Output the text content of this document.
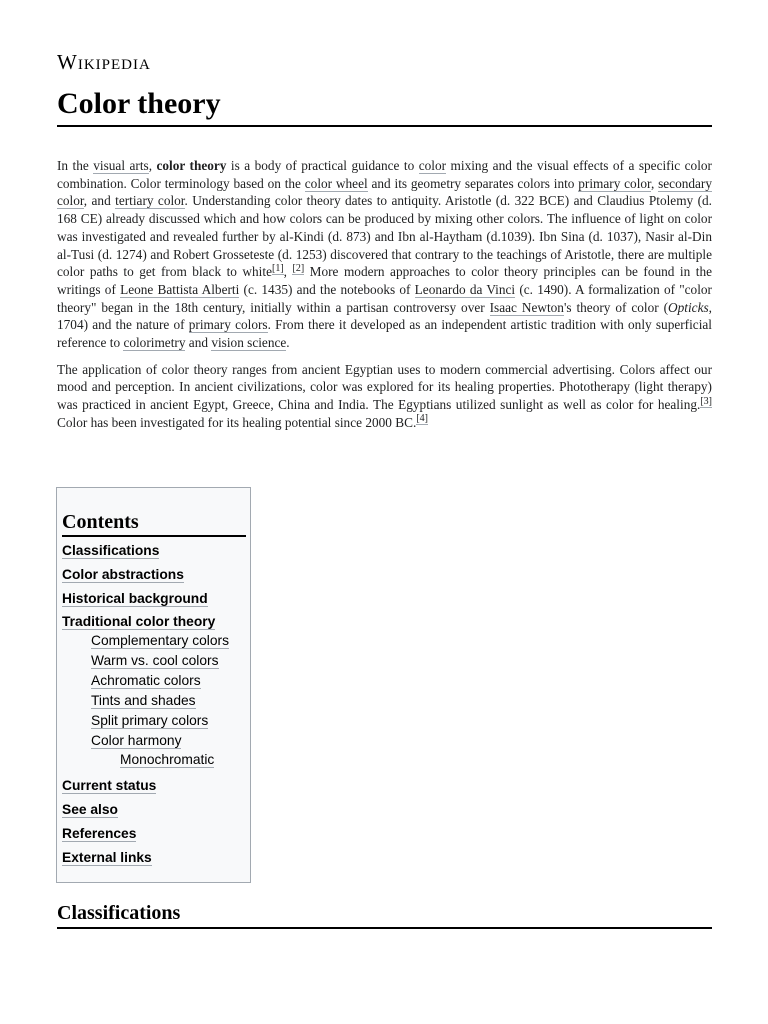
Wikipedia
Color theory

In the visual arts, color theory is a body of practical guidance to color mixing and the visual effects of a specific color combination. Color terminology based on the color wheel and its geometry separates colors into primary color, secondary color, and tertiary color. Understanding color theory dates to antiquity. Aristotle (d. 322 BCE) and Claudius Ptolemy (d. 168 CE) already discussed which and how colors can be produced by mixing other colors. The influence of light on color was investigated and revealed further by al-Kindi (d. 873) and Ibn al-Haytham (d.1039). Ibn Sina (d. 1037), Nasir al-Din al-Tusi (d. 1274) and Robert Grosseteste (d. 1253) discovered that contrary to the teachings of Aristotle, there are multiple color paths to get from black to white[1], [2] More modern approaches to color theory principles can be found in the writings of Leone Battista Alberti (c. 1435) and the notebooks of Leonardo da Vinci (c. 1490). A formalization of "color theory" began in the 18th century, initially within a partisan controversy over Isaac Newton's theory of color (Opticks, 1704) and the nature of primary colors. From there it developed as an independent artistic tradition with only superficial reference to colorimetry and vision science.

The application of color theory ranges from ancient Egyptian uses to modern commercial advertising. Colors affect our mood and perception. In ancient civilizations, color was explored for its healing properties. Phototherapy (light therapy) was practiced in ancient Egypt, Greece, China and India. The Egyptians utilized sunlight as well as color for healing.[3] Color has been investigated for its healing potential since 2000 BC.[4]

Contents
Classifications
Color abstractions
Historical background
Traditional color theory
Complementary colors
Warm vs. cool colors
Achromatic colors
Tints and shades
Split primary colors
Color harmony
Monochromatic
Current status
See also
References
External links
Classifications
